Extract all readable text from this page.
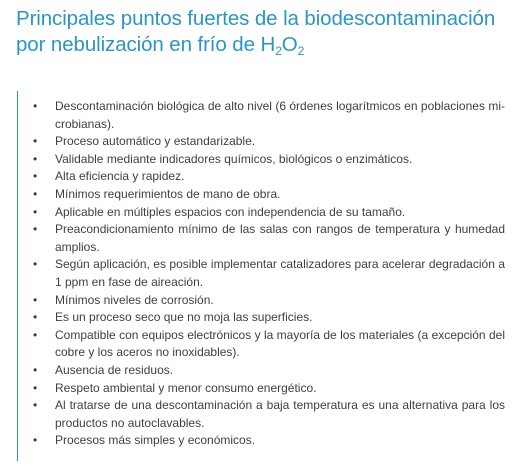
Principales puntos fuertes de la biodescontaminación por nebulización en frío de $H_2O_2$
•	Descontaminación biológica de alto nivel (6 órdenes logarítmicos en poblaciones microbianas).
•	Proceso automático y estandarizable.
•	Validable mediante indicadores químicos, biológicos o enzimáticos.
•	Alta eficiencia y rapidez.
•	Mínimos requerimientos de mano de obra.
•	Aplicable en múltiples espacios con independencia de su tamaño.
•	Preacondicionamiento mínimo de las salas con rangos de temperatura y humedad amplios.
•	Según aplicación, es posible implementar catalizadores para acelerar degradación a 1 ppm en fase de aireación.
•	Mínimos niveles de corrosión.
•	Es un proceso seco que no moja las superficies.
•	Compatible con equipos electrónicos y la mayoría de los materiales (a excepción del cobre y los aceros no inoxidables).
•	Ausencia de residuos.
•	Respeto ambiental y menor consumo energético.
•	Al tratarse de una descontaminación a baja temperatura es una alternativa para los productos no autoclavables.
•	Procesos más simples y económicos.
